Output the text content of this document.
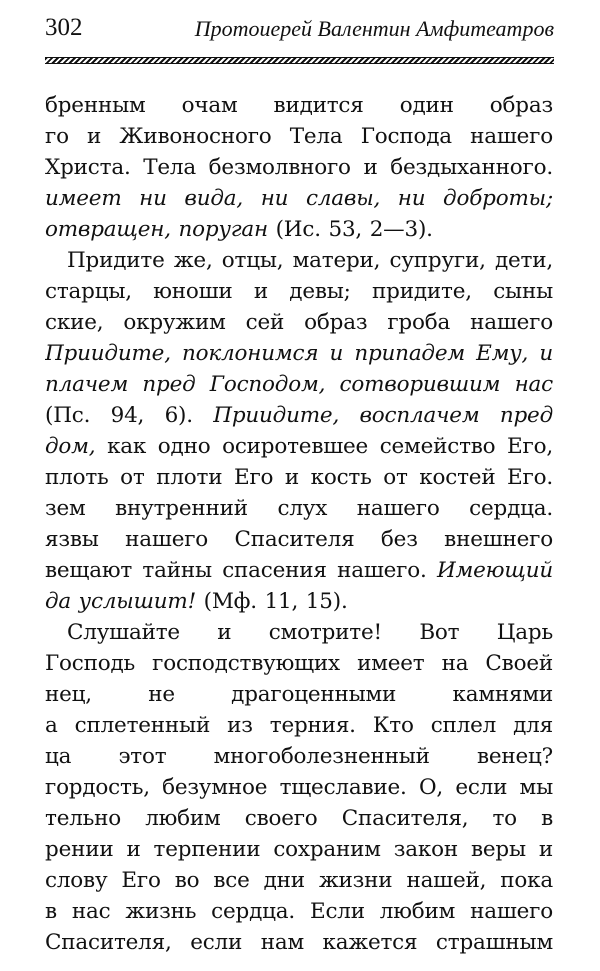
302	Протоиерей Валентин Амфитеатров
бренным очам видится один образ
го и Живоносного Тела Господа нашего
Христа. Тела безмолвного и бездыханного.
имеет ни вида, ни славы, ни доброты;
отвращен, поруган (Ис. 53, 2—3).
Придите же, отцы, матери, супруги, дети,
старцы, юноши и девы; придите, сыны
ские, окружим сей образ гроба нашего
Приидите, поклонимся и припадем Ему, и
плачем пред Господом, сотворившим нас
(Пс. 94, 6). Приидите, восплачем пред
дом, как одно осиротевшее семейство Его,
плоть от плоти Его и кость от костей Его.
зем внутренний слух нашего сердца.
язвы нашего Спасителя без внешнего
вещают тайны спасения нашего. Имеющий
да услышит! (Мф. 11, 15).
Слушайте и смотрите! Вот Царь
Господь господствующих имеет на Своей
нец, не драгоценными камнями
а сплетенный из терния. Кто сплел для
ца этот многоболезненный венец?
гордость, безумное тщеславие. О, если мы
тельно любим своего Спасителя, то в
рении и терпении сохраним закон веры и
слову Его во все дни жизни нашей, пока
в нас жизнь сердца. Если любим нашего
Спасителя, если нам кажется страшным
